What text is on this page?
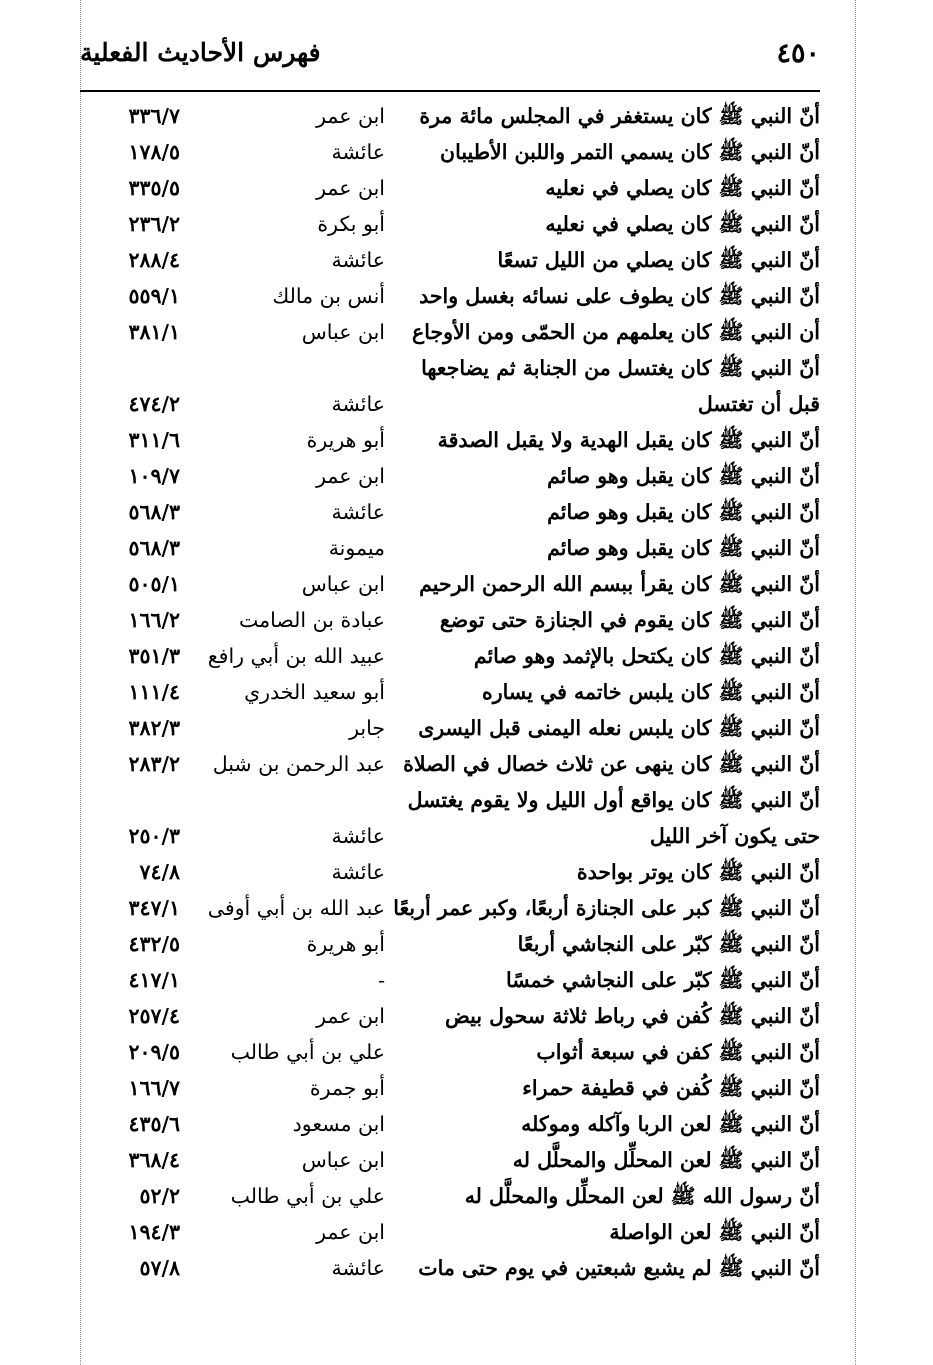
٤٥٠
فهرس الأحاديث الفعلية
أنّ النبي ﷺ كان يستغفر في المجلس مائة مرة
ابن عمر
٣٣٦/٧
أنّ النبي ﷺ كان يسمي التمر واللبن الأطيبان
عائشة
١٧٨/٥
أنّ النبي ﷺ كان يصلي في نعليه
ابن عمر
٣٣٥/٥
أنّ النبي ﷺ كان يصلي في نعليه
أبو بكرة
٢٣٦/٢
أنّ النبي ﷺ كان يصلي من الليل تسعًا
عائشة
٢٨٨/٤
أنّ النبي ﷺ كان يطوف على نسائه بغسل واحد
أنس بن مالك
٥٥٩/١
أن النبي ﷺ كان يعلمهم من الحمّى ومن الأوجاع
ابن عباس
٣٨١/١
أنّ النبي ﷺ كان يغتسل من الجنابة ثم يضاجعها
قبل أن تغتسل
عائشة
٤٧٤/٢
أنّ النبي ﷺ كان يقبل الهدية ولا يقبل الصدقة
أبو هريرة
٣١١/٦
أنّ النبي ﷺ كان يقبل وهو صائم
ابن عمر
١٠٩/٧
أنّ النبي ﷺ كان يقبل وهو صائم
عائشة
٥٦٨/٣
أنّ النبي ﷺ كان يقبل وهو صائم
ميمونة
٥٦٨/٣
أنّ النبي ﷺ كان يقرأ ببسم الله الرحمن الرحيم
ابن عباس
٥٠٥/١
أنّ النبي ﷺ كان يقوم في الجنازة حتى توضع
عبادة بن الصامت
١٦٦/٢
أنّ النبي ﷺ كان يكتحل بالإثمد وهو صائم
عبيد الله بن أبي رافع
٣٥١/٣
أنّ النبي ﷺ كان يلبس خاتمه في يساره
أبو سعيد الخدري
١١١/٤
أنّ النبي ﷺ كان يلبس نعله اليمنى قبل اليسرى
جابر
٣٨٢/٣
أنّ النبي ﷺ كان ينهى عن ثلاث خصال في الصلاة
عبد الرحمن بن شبل
٢٨٣/٢
أنّ النبي ﷺ كان يواقع أول الليل ولا يقوم يغتسل
حتى يكون آخر الليل
عائشة
٢٥٠/٣
أنّ النبي ﷺ كان يوتر بواحدة
عائشة
٧٤/٨
أنّ النبي ﷺ كبر على الجنازة أربعًا، وكبر عمر أربعًا
عبد الله بن أبي أوفى
٣٤٧/١
أنّ النبي ﷺ كبّر على النجاشي أربعًا
أبو هريرة
٤٣٢/٥
أنّ النبي ﷺ كبّر على النجاشي خمسًا
-
٤١٧/١
أنّ النبي ﷺ كُفن في رباط ثلاثة سحول بيض
ابن عمر
٢٥٧/٤
أنّ النبي ﷺ كفن في سبعة أثواب
علي بن أبي طالب
٢٠٩/٥
أنّ النبي ﷺ كُفن في قطيفة حمراء
أبو جمرة
١٦٦/٧
أنّ النبي ﷺ لعن الربا وآكله وموكله
ابن مسعود
٤٣٥/٦
أنّ النبي ﷺ لعن المحلِّل والمحلَّل له
ابن عباس
٣٦٨/٤
أنّ رسول الله ﷺ لعن المحلِّل والمحلَّل له
علي بن أبي طالب
٥٢/٢
أنّ النبي ﷺ لعن الواصلة
ابن عمر
١٩٤/٣
أنّ النبي ﷺ لم يشبع شبعتين في يوم حتى مات
عائشة
٥٧/٨
